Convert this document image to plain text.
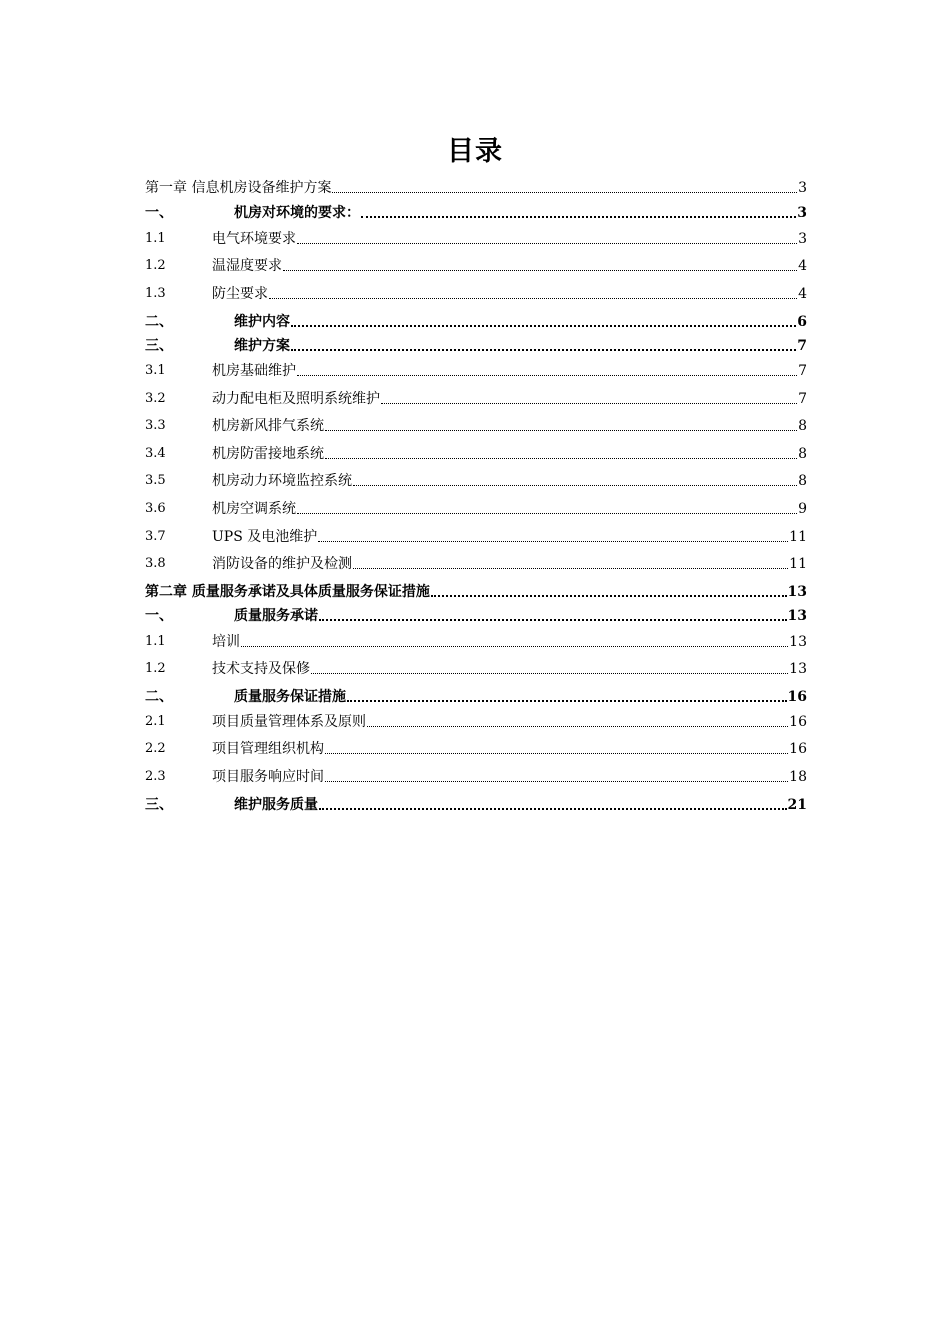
目录
第一章 信息机房设备维护方案	3
一、	机房对环境的要求：	3
1.1	电气环境要求	3
1.2	温湿度要求	4
1.3	防尘要求	4
二、	维护内容	6
三、	维护方案	7
3.1	机房基础维护	7
3.2	动力配电柜及照明系统维护	7
3.3	机房新风排气系统	8
3.4	机房防雷接地系统	8
3.5	机房动力环境监控系统	8
3.6	机房空调系统	9
3.7	UPS 及电池维护	11
3.8	消防设备的维护及检测	11
第二章 质量服务承诺及具体质量服务保证措施	13
一、	质量服务承诺	13
1.1	培训	13
1.2	技术支持及保修	13
二、	质量服务保证措施	16
2.1	项目质量管理体系及原则	16
2.2	项目管理组织机构	16
2.3	项目服务响应时间	18
三、	维护服务质量	21
